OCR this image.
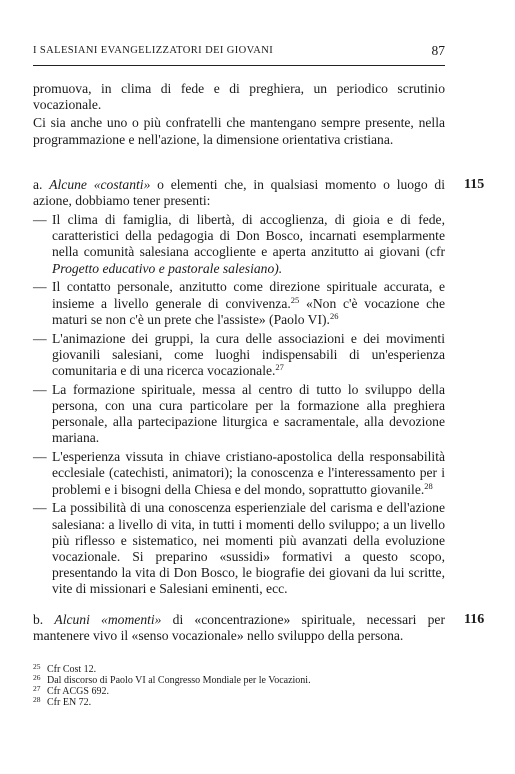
I SALESIANI EVANGELIZZATORI DEI GIOVANI	87

promuova, in clima di fede e di preghiera, un periodico scrutinio vocazionale.

Ci sia anche uno o più confratelli che mantengano sempre presente, nella programmazione e nell'azione, la dimensione orientativa cristiana.

a. Alcune «costanti» o elementi che, in qualsiasi momento o luogo di azione, dobbiamo tener presenti:

115
— Il clima di famiglia, di libertà, di accoglienza, di gioia e di fede, caratteristici della pedagogia di Don Bosco, incarnati esemplarmente nella comunità salesiana accogliente e aperta anzitutto ai giovani (cfr Progetto educativo e pastorale salesiano).
— Il contatto personale, anzitutto come direzione spirituale accurata, e insieme a livello generale di convivenza.$^{25}$ «Non c'è vocazione che maturi se non c'è un prete che l'assiste» (Paolo VI).$^{26}$
— L'animazione dei gruppi, la cura delle associazioni e dei movimenti giovanili salesiani, come luoghi indispensabili di un'esperienza comunitaria e di una ricerca vocazionale.$^{27}$
— La formazione spirituale, messa al centro di tutto lo sviluppo della persona, con una cura particolare per la formazione alla preghiera personale, alla partecipazione liturgica e sacramentale, alla devozione mariana.
— L'esperienza vissuta in chiave cristiano-apostolica della responsabilità ecclesiale (catechisti, animatori); la conoscenza e l'interessamento per i problemi e i bisogni della Chiesa e del mondo, soprattutto giovanile.$^{28}$
— La possibilità di una conoscenza esperienziale del carisma e dell'azione salesiana: a livello di vita, in tutti i momenti dello sviluppo; a un livello più riflesso e sistematico, nei momenti più avanzati della evoluzione vocazionale. Si preparino «sussidi» formativi a questo scopo, presentando la vita di Don Bosco, le biografie dei giovani da lui scritte, vite di missionari e Salesiani eminenti, ecc.

b. Alcuni «momenti» di «concentrazione» spirituale, necessari per mantenere vivo il «senso vocazionale» nello sviluppo della persona.

116
25 Cfr Cost 12.
26 Dal discorso di Paolo VI al Congresso Mondiale per le Vocazioni.
27 Cfr ACGS 692.
28 Cfr EN 72.
